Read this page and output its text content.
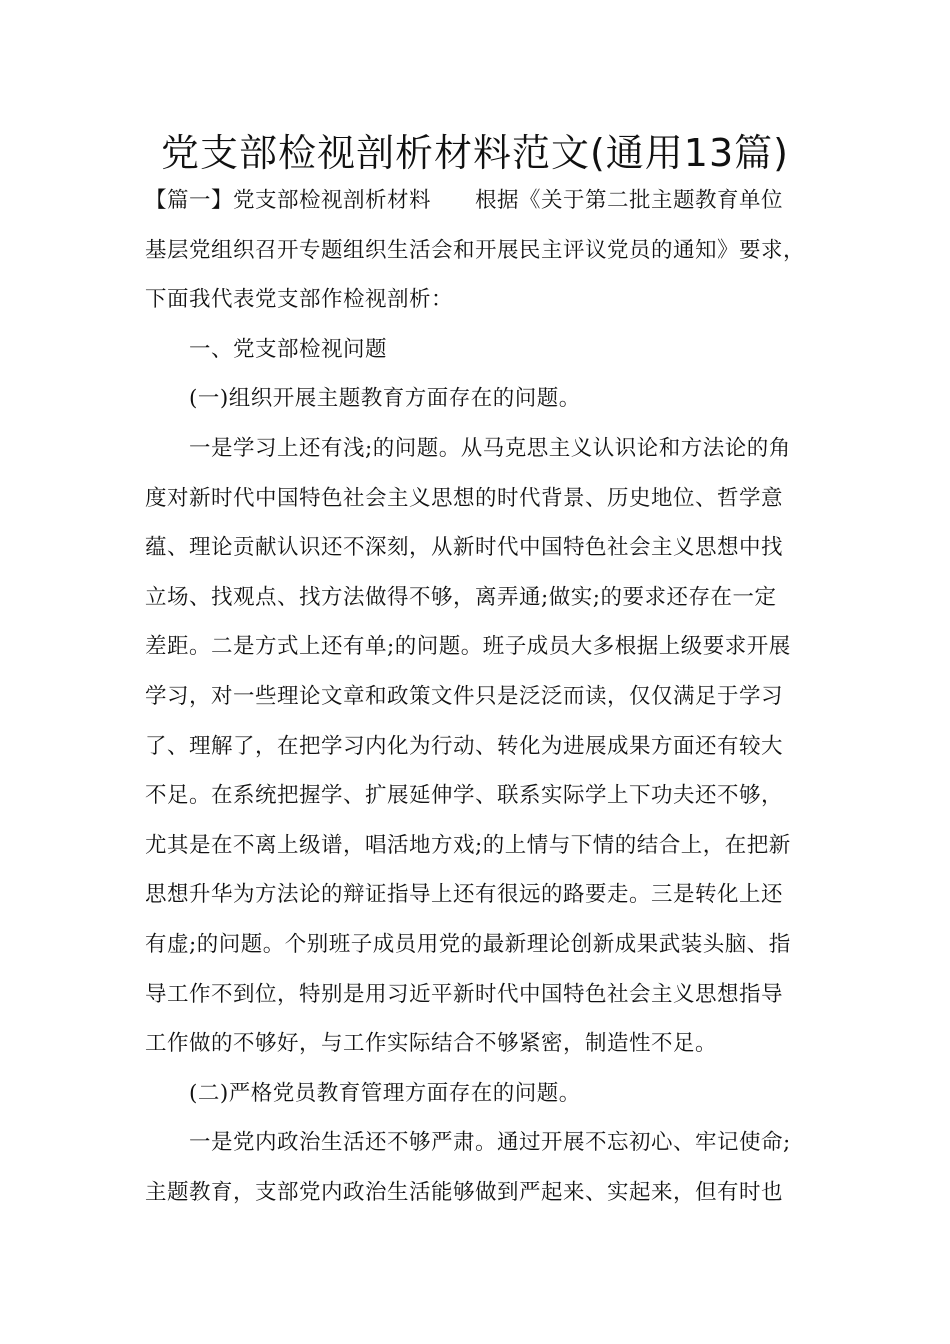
党支部检视剖析材料范文(通用13篇)
【篇一】党支部检视剖析材料　　根据《关于第二批主题教育单位
基层党组织召开专题组织生活会和开展民主评议党员的通知》要求，
下面我代表党支部作检视剖析：
一、党支部检视问题
(一)组织开展主题教育方面存在的问题。
一是学习上还有浅;的问题。从马克思主义认识论和方法论的角
度对新时代中国特色社会主义思想的时代背景、历史地位、哲学意
蕴、理论贡献认识还不深刻，从新时代中国特色社会主义思想中找
立场、找观点、找方法做得不够，离弄通;做实;的要求还存在一定
差距。二是方式上还有单;的问题。班子成员大多根据上级要求开展
学习，对一些理论文章和政策文件只是泛泛而读，仅仅满足于学习
了、理解了，在把学习内化为行动、转化为进展成果方面还有较大
不足。在系统把握学、扩展延伸学、联系实际学上下功夫还不够，
尤其是在不离上级谱，唱活地方戏;的上情与下情的结合上，在把新
思想升华为方法论的辩证指导上还有很远的路要走。三是转化上还
有虚;的问题。个别班子成员用党的最新理论创新成果武装头脑、指
导工作不到位，特别是用习近平新时代中国特色社会主义思想指导
工作做的不够好，与工作实际结合不够紧密，制造性不足。
(二)严格党员教育管理方面存在的问题。
一是党内政治生活还不够严肃。通过开展不忘初心、牢记使命;
主题教育，支部党内政治生活能够做到严起来、实起来，但有时也
